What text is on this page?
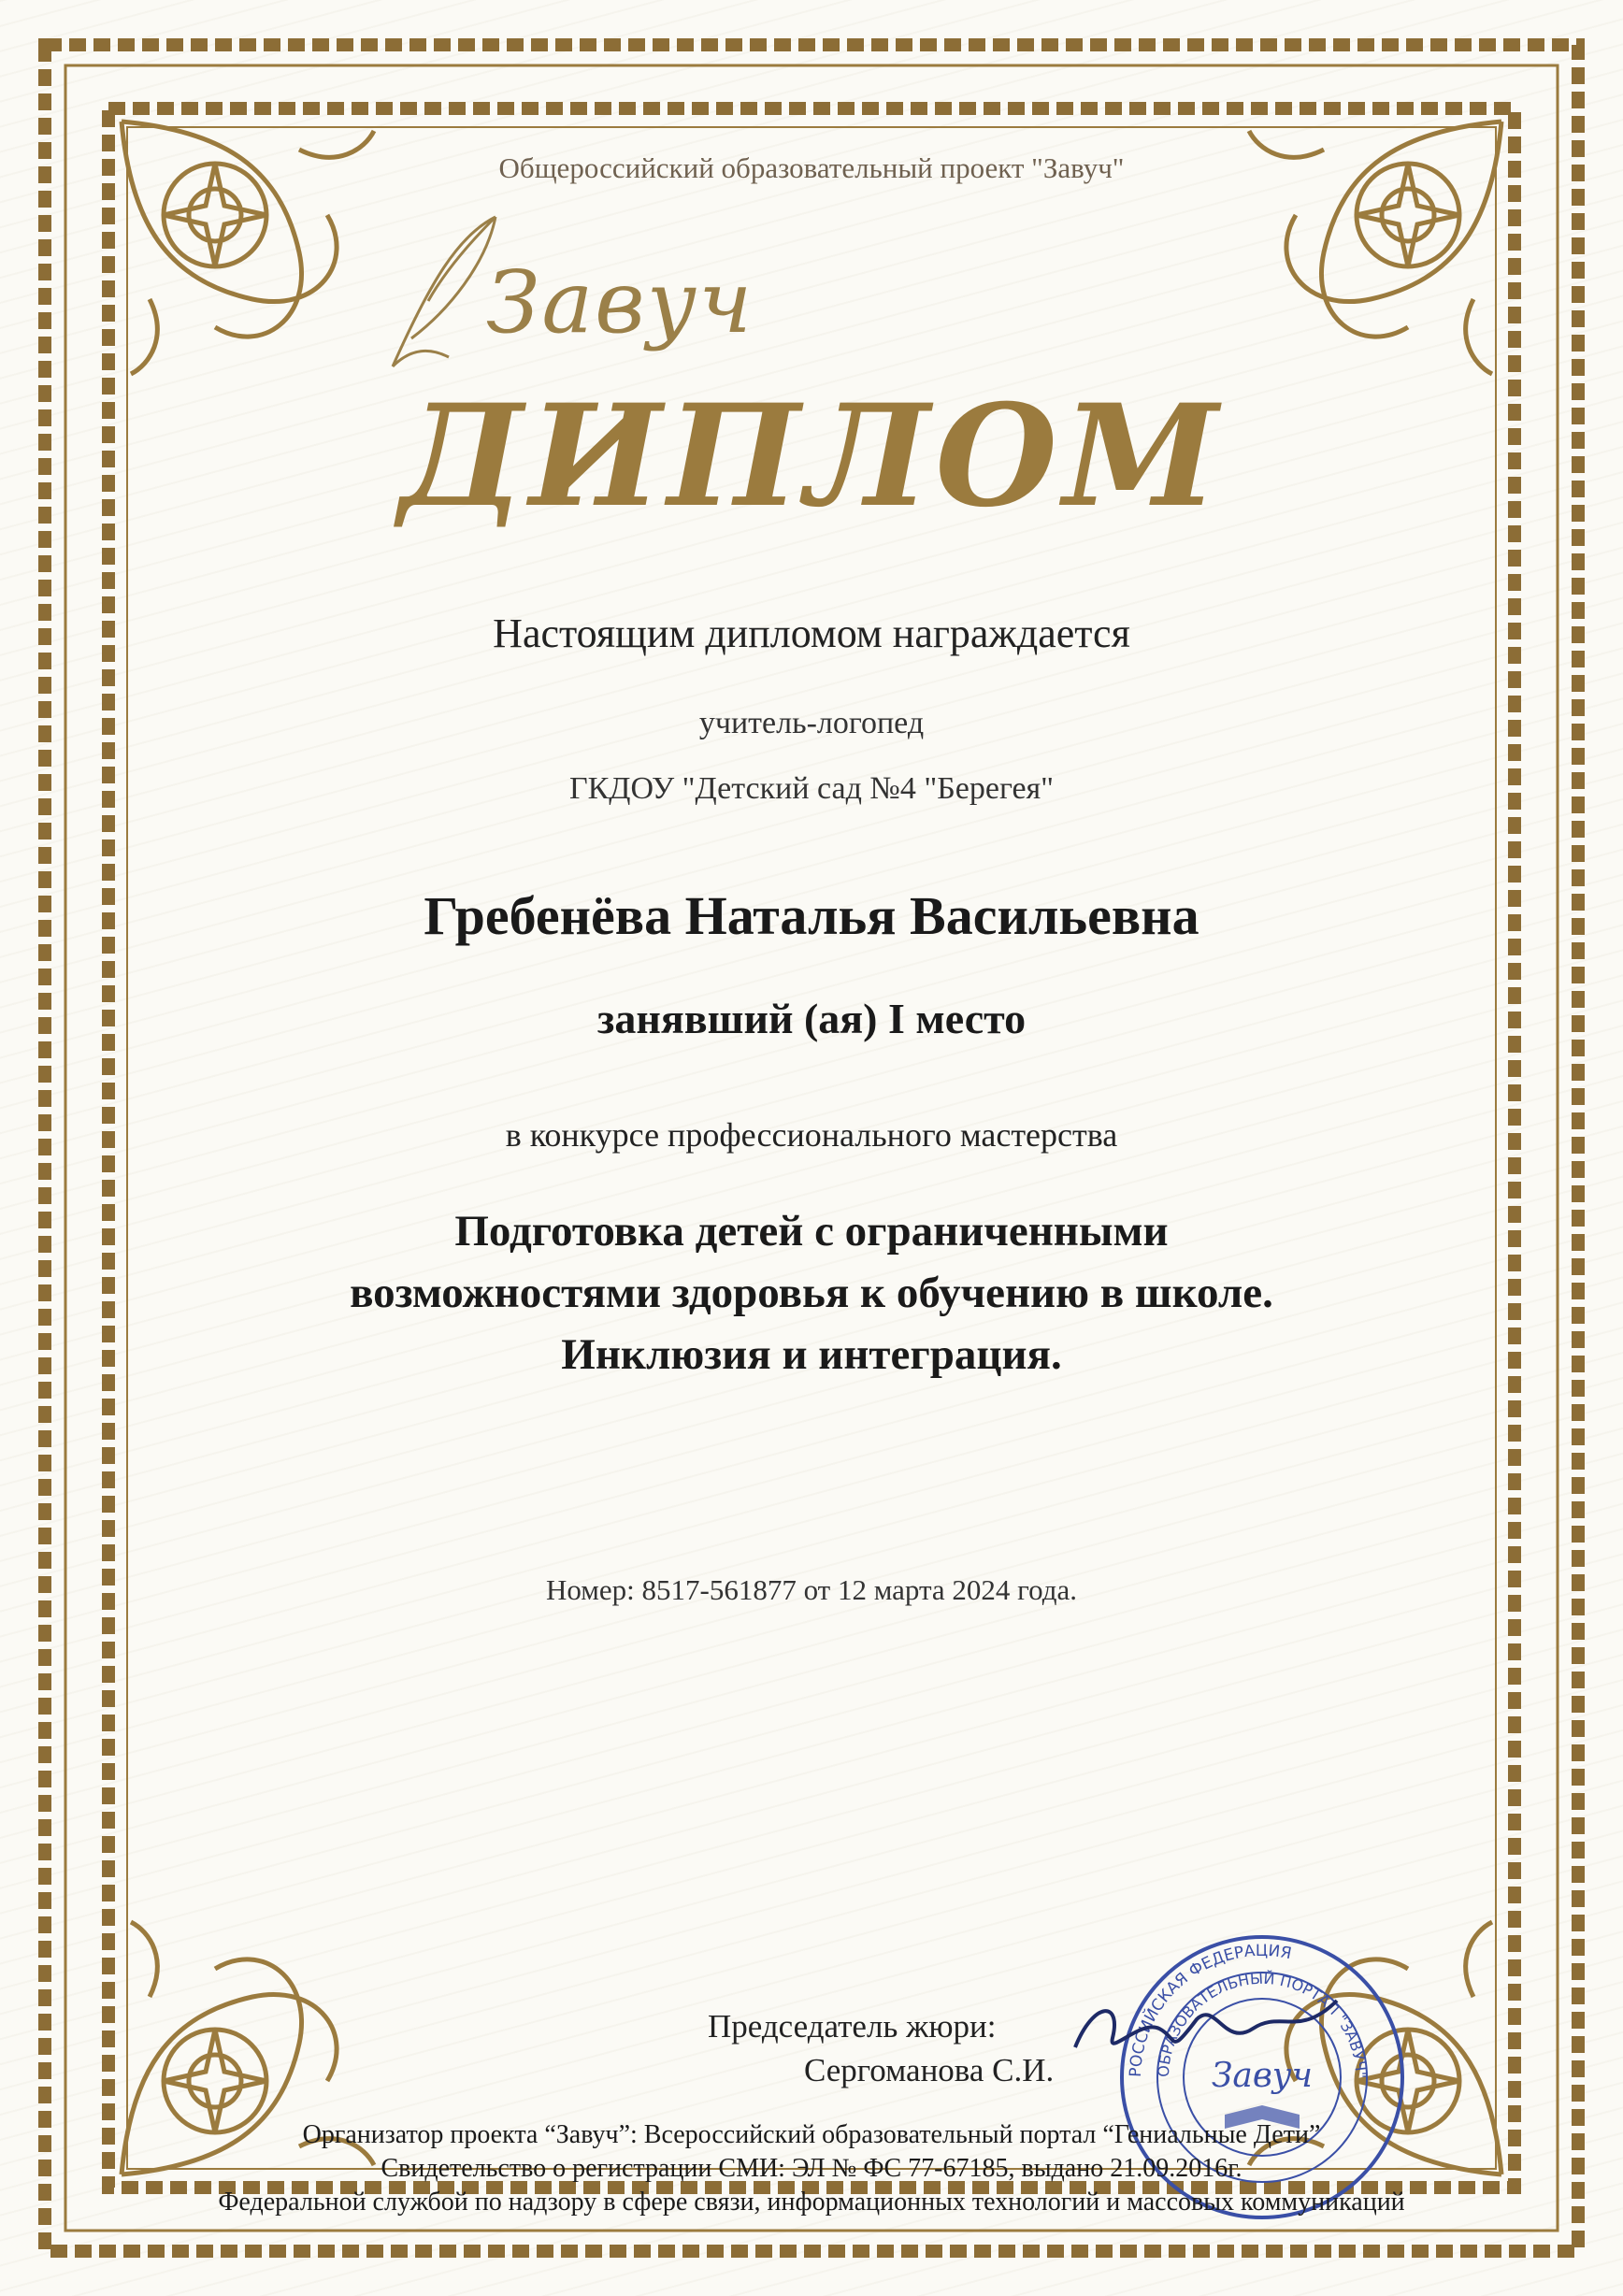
Общероссийский образовательный проект "Завуч"
Завуч
ДИПЛОМ
Настоящим дипломом награждается
учитель-логопед
ГКДОУ "Детский сад №4 "Берегея"
Гребенёва Наталья Васильевна
занявший (ая) I место
в конкурсе профессионального мастерства
Подготовка детей с ограниченными
возможностями здоровья к обучению в школе.
Инклюзия и интеграция.
Номер: 8517-561877 от 12 марта 2024 года.
РОССИЙСКАЯ ФЕДЕРАЦИЯ
ОБРАЗОВАТЕЛЬНЫЙ ПОРТАЛ "ЗАВУЧ"
Завуч
Председатель жюри:
Сергоманова С.И.
Организатор проекта “Завуч”: Всероссийский образовательный портал “Гениальные Дети”
Свидетельство о регистрации СМИ: ЭЛ № ФС 77-67185, выдано 21.09.2016г.
Федеральной службой по надзору в сфере связи, информационных технологий и массовых коммуникаций
